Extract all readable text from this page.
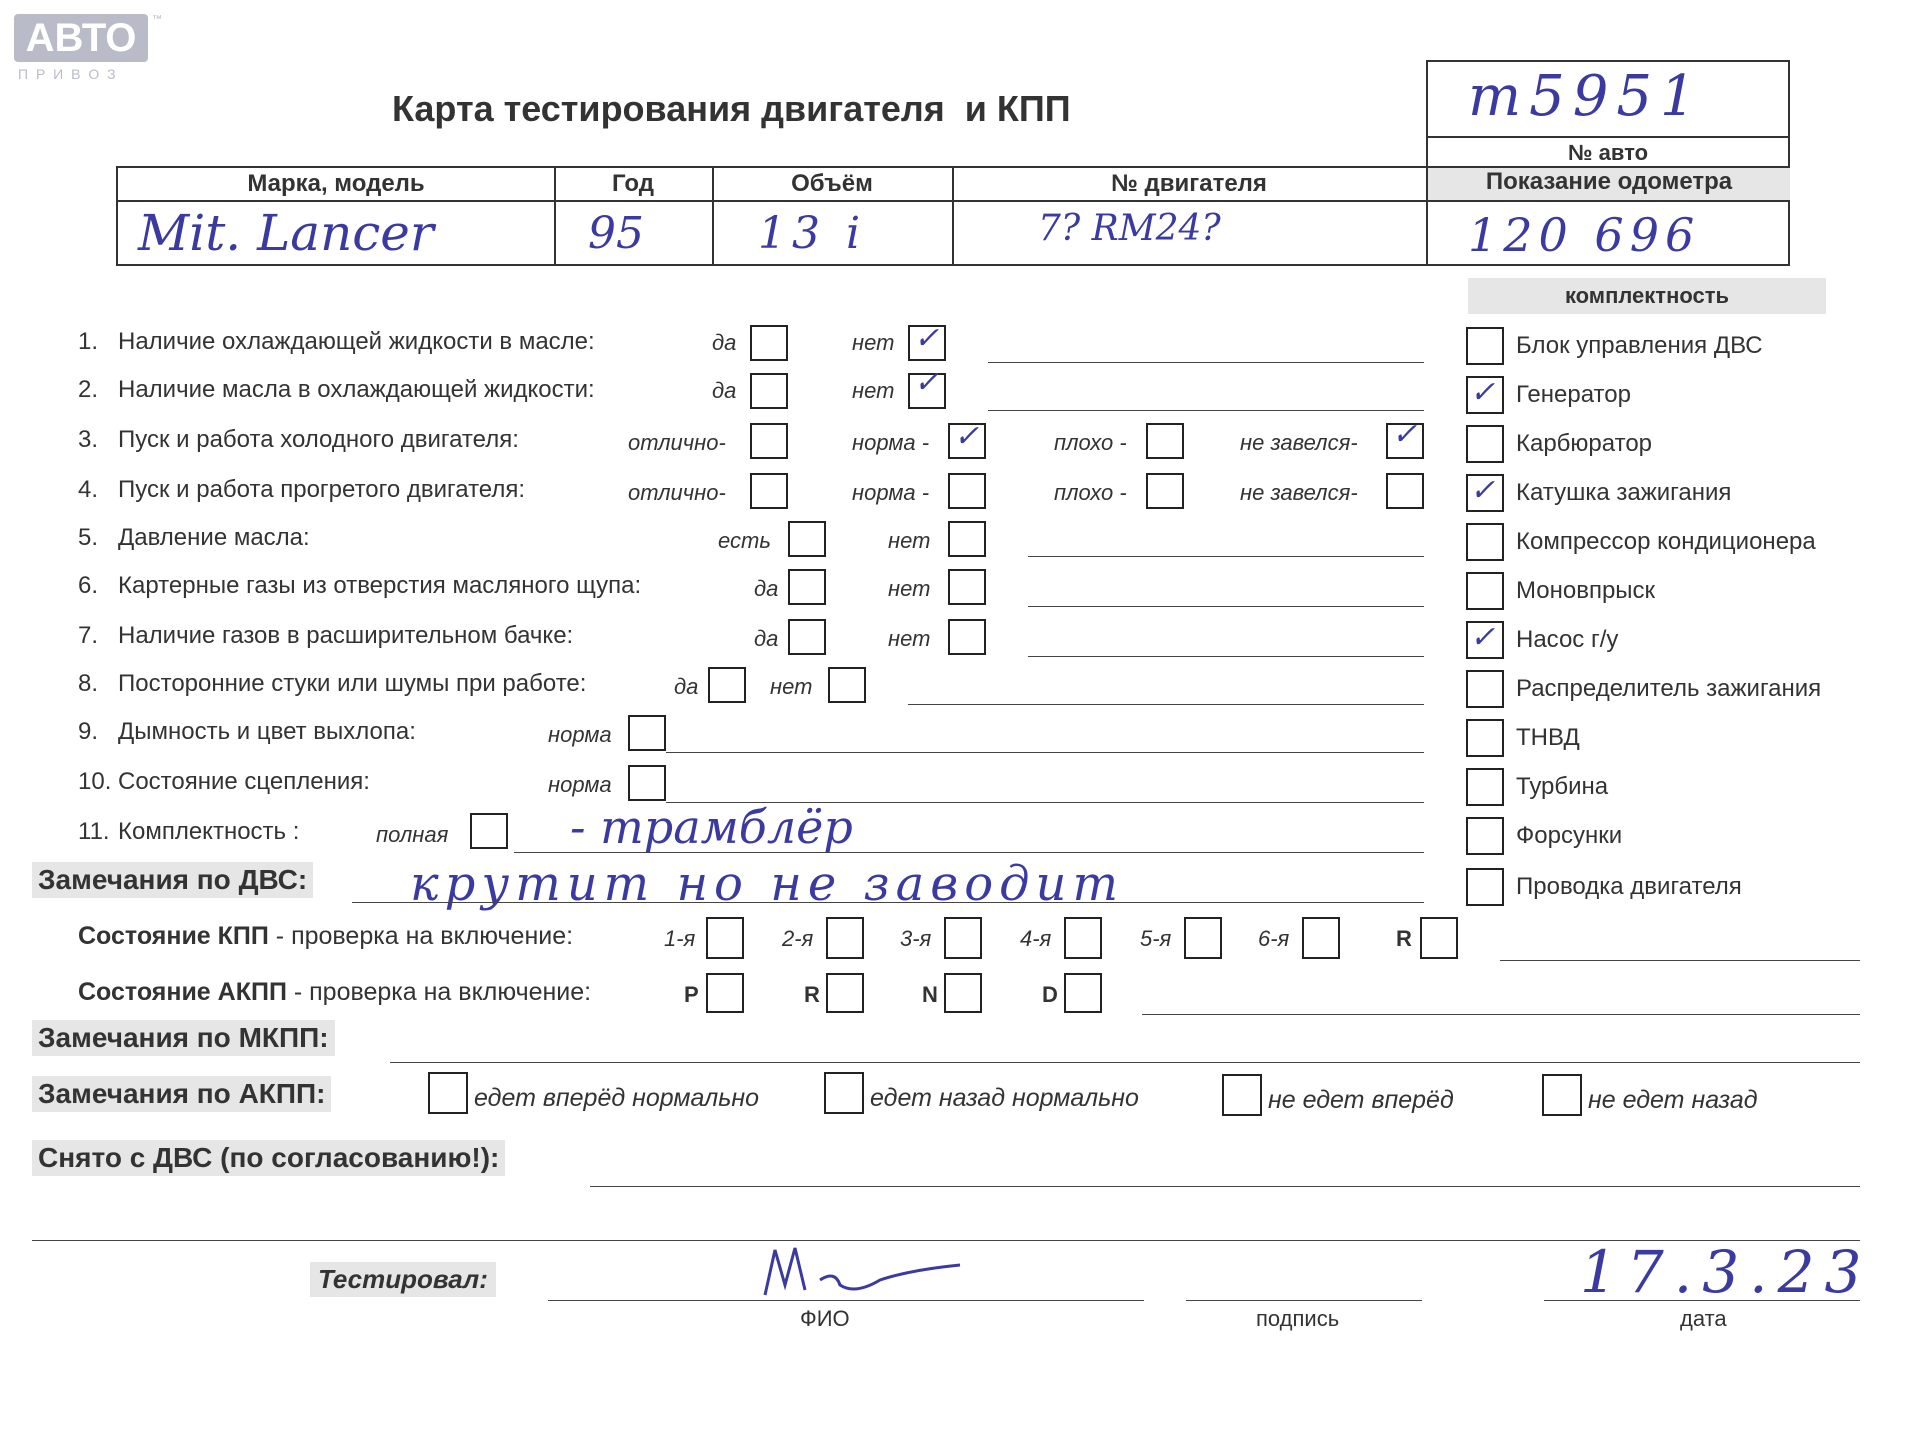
АВТО	™
П Р И В О З
Карта тестирования двигателя  и КПП	т5951
№ авто
Марка, модель	Год	Объём	№ двигателя	Показание одометра
Mit. Lancer	95	13 i	7? RM24?	120 696
комплектность
1. Наличие охлаждающей жидкости в масле:	да	нет ✓
2. Наличие масла в охлаждающей жидкости:	да	нет ✓
3. Пуск и работа холодного двигателя:	отлично-	норма - ✓	плохо -	не завелся- ✓
4. Пуск и работа прогретого двигателя:	отлично-	норма -	плохо -	не завелся-
5. Давление масла:	есть	нет
6. Картерные газы из отверстия масляного щупа:	да	нет
7. Наличие газов в расширительном бачке:	да	нет
8. Посторонние стуки или шумы при работе:	да	нет
9. Дымность и цвет выхлопа:	норма
10. Состояние сцепления:	норма
11. Комплектность :	полная	- трамблёр
Блок управления ДВС
✓ Генератор
Карбюратор
✓ Катушка зажигания
Компрессор кондиционера
Моновпрыск
✓ Насос г/у
Распределитель зажигания
ТНВД
Турбина
Форсунки
Проводка двигателя
Замечания по ДВС: крутит но не заводит
Состояние КПП - проверка на включение:	1-я	2-я	3-я	4-я	5-я	6-я	R
Состояние АКПП - проверка на включение:	P	R	N	D
Замечания по МКПП:
Замечания по АКПП:	едет вперёд нормально	едет назад нормально	не едет вперёд	не едет назад
Снято с ДВС (по согласованию!):
Тестировал:
ФИО	подпись
17.3.23
дата
